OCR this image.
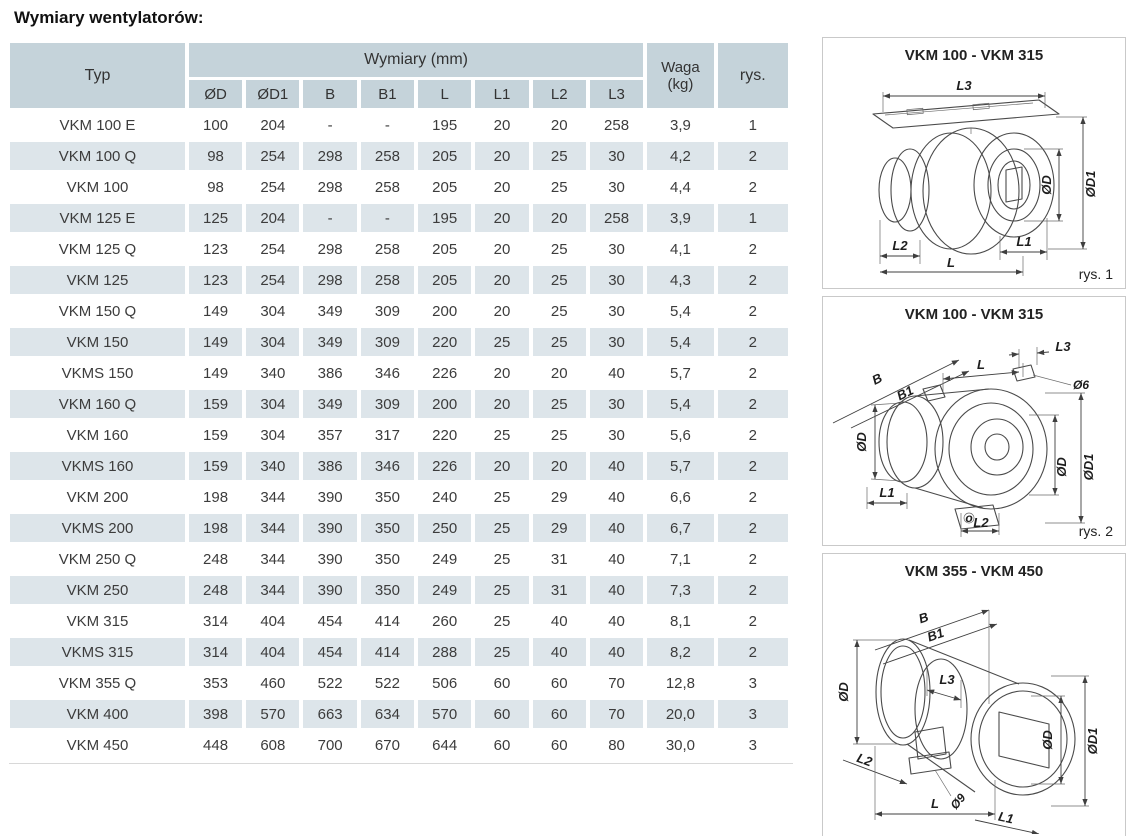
Wymiary wentylatorów:
Typ	Wymiary (mm)								Waga
(kg)	rys.
	ØD	ØD1	B	B1	L	L1	L2	L3		
VKM 100 E	100	204	-	-	195	20	20	258	3,9	1
VKM 100 Q	98	254	298	258	205	20	25	30	4,2	2
VKM 100	98	254	298	258	205	20	25	30	4,4	2
VKM 125 E	125	204	-	-	195	20	20	258	3,9	1
VKM 125 Q	123	254	298	258	205	20	25	30	4,1	2
VKM 125	123	254	298	258	205	20	25	30	4,3	2
VKM 150 Q	149	304	349	309	200	20	25	30	5,4	2
VKM 150	149	304	349	309	220	25	25	30	5,4	2
VKMS 150	149	340	386	346	226	20	20	40	5,7	2
VKM 160 Q	159	304	349	309	200	20	25	30	5,4	2
VKM 160	159	304	357	317	220	25	25	30	5,6	2
VKMS 160	159	340	386	346	226	20	20	40	5,7	2
VKM 200	198	344	390	350	240	25	29	40	6,6	2
VKMS 200	198	344	390	350	250	25	29	40	6,7	2
VKM 250 Q	248	344	390	350	249	25	31	40	7,1	2
VKM 250	248	344	390	350	249	25	31	40	7,3	2
VKM 315	314	404	454	414	260	25	40	40	8,1	2
VKMS 315	314	404	454	414	288	25	40	40	8,2	2
VKM 355 Q	353	460	522	522	506	60	60	70	12,8	3
VKM 400	398	570	663	634	570	60	60	70	20,0	3
VKM 450	448	608	700	670	644	60	60	80	30,0	3
VKM 100 - VKM 315
L3
ØD ØD1
L2	L1
L
rys. 1
VKM 100 - VKM 315
B
B1
L
L3
Ø6
ØD
L1
o L2
ØD ØD1
rys. 2
VKM 355 - VKM 450
B
B1
ØD
L3
L2
Ø9
L
L1
ØD ØD1
